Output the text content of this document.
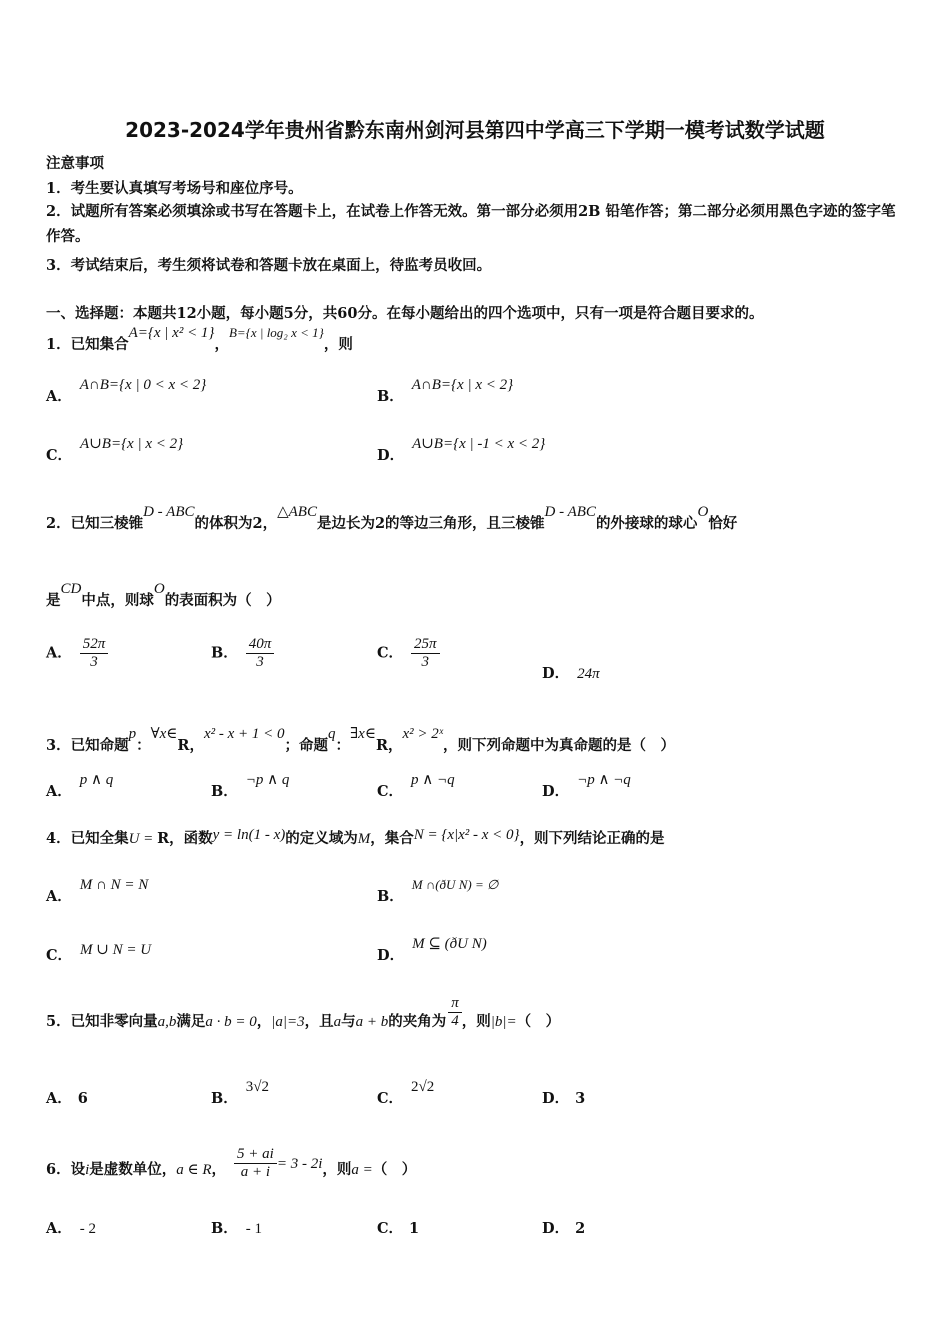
2023-2024学年贵州省黔东南州剑河县第四中学高三下学期一模考试数学试题
注意事项
1．考生要认真填写考场号和座位序号。
2．试题所有答案必须填涂或书写在答题卡上，在试卷上作答无效。第一部分必须用2B 铅笔作答；第二部分必须用黑色字迹的签字笔作答。
3．考试结束后，考生须将试卷和答题卡放在桌面上，待监考员收回。
一、选择题：本题共12小题，每小题5分，共60分。在每小题给出的四个选项中，只有一项是符合题目要求的。
1．已知集合A={x | x² < 1}，B={x | log₂ x < 1}，则
A．A∩B={x | 0 < x < 2}
B．A∩B={x | x < 2}
C．A∪B={x | x < 2}
D．A∪B={x | -1 < x < 2}
2．已知三棱锥D - ABC的体积为2，△ABC是边长为2的等边三角形，且三棱锥D - ABC的外接球的球心O恰好
是CD中点，则球O的表面积为（　）
A． $\frac{52\pi}{3}$	B． $\frac{40\pi}{3}$	C． $\frac{25\pi}{3}$
D． 24π
3．已知命题p：∀x∈R，x² - x + 1 < 0；命题q：∃x∈R，x² > 2ˣ，则下列命题中为真命题的是（　）
A．p ∧ q
B．¬p ∧ q
C．p ∧ ¬q
D．¬p ∧ ¬q
4．已知全集U = R，函数y = ln(1 - x)的定义域为M，集合N = {x|x² - x < 0}，则下列结论正确的是
A．M ∩ N = N
B．M ∩(ðU N) = ∅
C． M ∪ N = U	D．M ⊆ (ðU N)
5．已知非零向量a,b满足a · b = 0，|a|=3，且a与a + b的夹角为 $\frac{\pi}{4}$ ，则|b|=（　）
A． 6	B．3√2
C．2√2
D． 3
6．设i是虚数单位，a ∈ R， $\frac{5 + ai}{a + i} = 3 - 2i$，则a =（　）
A． - 2	B． - 1	C． 1	D． 2
